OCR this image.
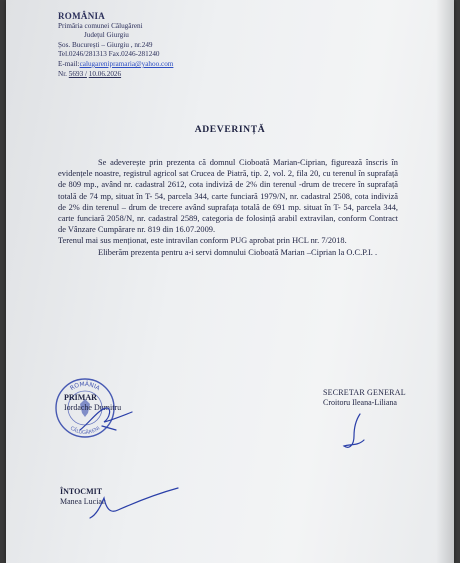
ROMÂNIA
Primăria comunei Călugăreni
Județul Giurgiu
Șos. București – Giurgiu , nr.249
Tel.0246/281313 Fax.0246-281240
E-mail:calugarenipramaria@yahoo.com
Nr. 5693 / 10.06.2026
ADEVERINȚĂ

Se adeverește prin prezenta că domnul Cioboată Marian-Ciprian, figurează înscris în evidențele noastre, registrul agricol sat Crucea de Piatră, tip. 2, vol. 2, fila 20, cu terenul în suprafață de 809 mp., având nr. cadastral 2612, cota indiviză de 2% din terenul -drum de trecere în suprafață totală de 74 mp, situat în T- 54, parcela 344, carte funciară 1979/N, nr. cadastral 2508, cota indiviză de 2% din terenul – drum de trecere având suprafața totală de 691 mp. situat în T- 54, parcela 344, carte funciară 2058/N, nr. cadastral 2589, categoria de folosință arabil extravilan, conform Contract de Vânzare Cumpărare nr. 819 din 16.07.2009.

Terenul mai sus menționat, este intravilan conform PUG aprobat prin HCL nr. 7/2018.

Eliberăm prezenta pentru a-i servi domnului Cioboată Marian –Ciprian la O.C.P.I. .

ROMÂNIA
CĂLUGĂRENI
PRIMAR
Iordache Dumitru
SECRETAR GENERAL
Croitoru Ileana-Liliana
ÎNTOCMIT
Manea Lucian
